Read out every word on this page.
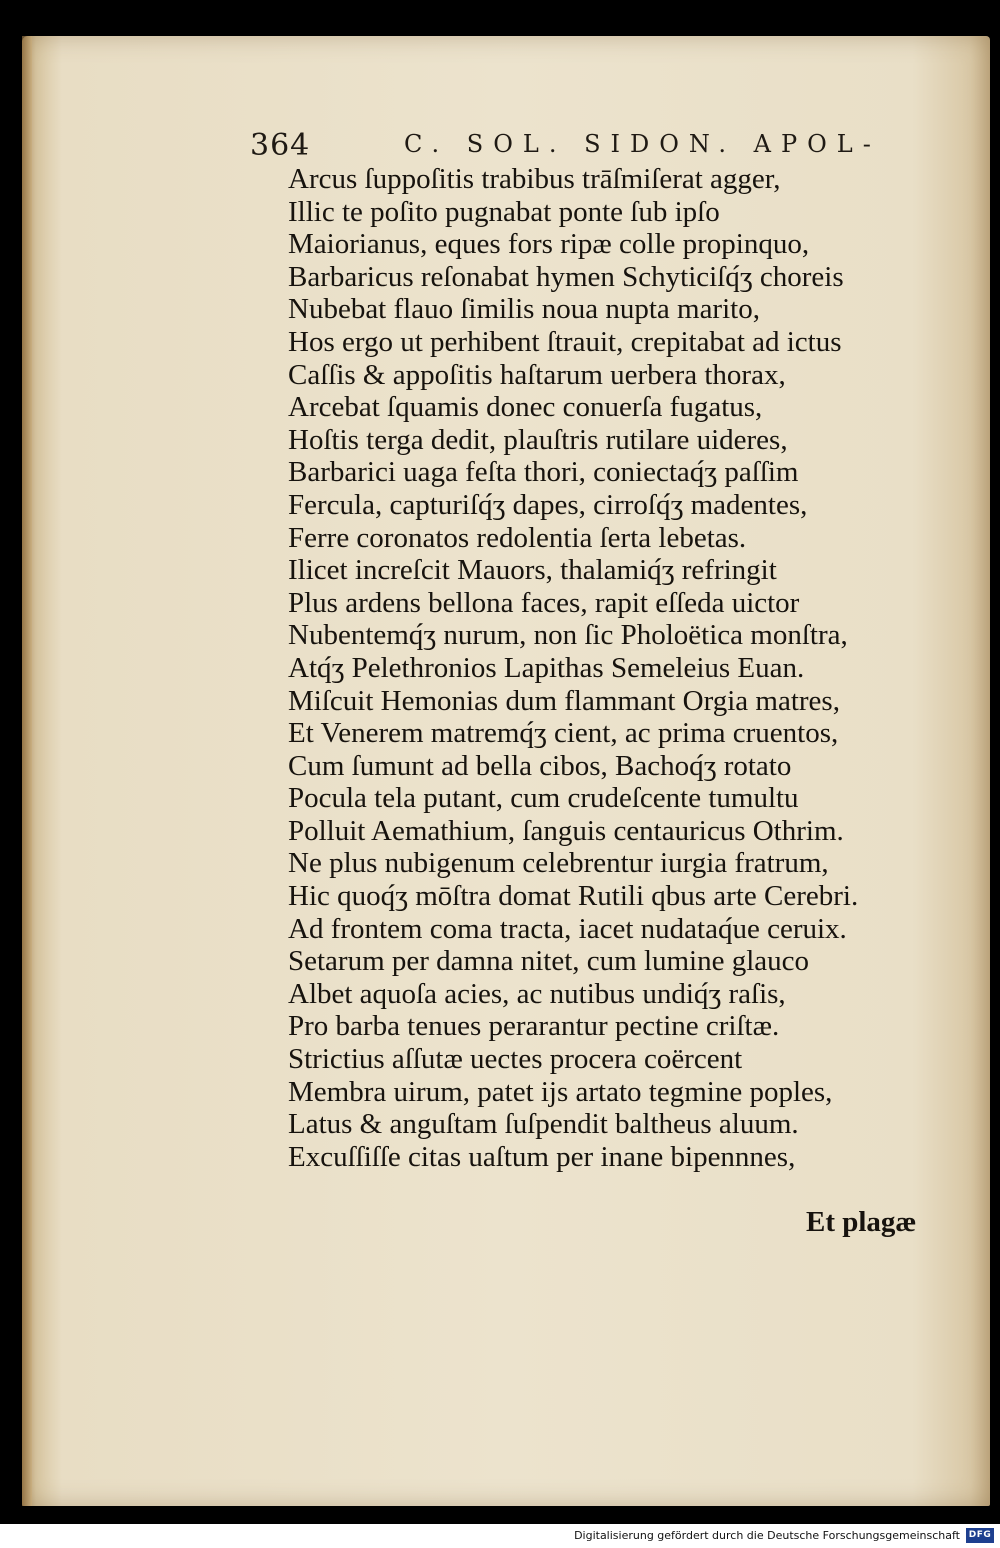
364	C. SOL. SIDON. APOL-
Arcus ſuppoſitis trabibus trāſmiſerat agger,
Illic te poſito pugnabat ponte ſub ipſo
Maiorianus, eques fors ripæ colle propinquo,
Barbaricus reſonabat hymen Schyticiſq́ʒ choreis
Nubebat flauo ſimilis noua nupta marito,
Hos ergo ut perhibent ſtrauit, crepitabat ad ictus
Caſſis & appoſitis haſtarum uerbera thorax,
Arcebat ſquamis donec conuerſa fugatus,
Hoſtis terga dedit, plauſtris rutilare uideres,
Barbarici uaga feſta thori, coniectaq́ʒ paſſim
Fercula, capturiſq́ʒ dapes, cirroſq́ʒ madentes,
Ferre coronatos redolentia ſerta lebetas.
Ilicet increſcit Mauors, thalamiq́ʒ refringit
Plus ardens bellona faces, rapit eſſeda uictor
Nubentemq́ʒ nurum, non ſic Pholoëtica monſtra,
Atq́ʒ Pelethronios Lapithas Semeleius Euan.
Miſcuit Hemonias dum flammant Orgia matres,
Et Venerem matremq́ʒ cient, ac prima cruentos,
Cum ſumunt ad bella cibos, Bachoq́ʒ rotato
Pocula tela putant, cum crudeſcente tumultu
Polluit Aemathium, ſanguis centauricus Othrim.
Ne plus nubigenum celebrentur iurgia fratrum,
Hic quoq́ʒ mōſtra domat Rutili qbus arte Cerebri.
Ad frontem coma tracta, iacet nudataq́ue ceruix.
Setarum per damna nitet, cum lumine glauco
Albet aquoſa acies, ac nutibus undiq́ʒ raſis,
Pro barba tenues perarantur pectine criſtæ.
Strictius aſſutæ uectes procera coërcent
Membra uirum, patet ijs artato tegmine poples,
Latus & anguſtam ſuſpendit baltheus aluum.
Excuſſiſſe citas uaſtum per inane bipennnes,
Et plagæ
Digitalisierung gefördert durch die Deutsche Forschungsgemeinschaft DFG
